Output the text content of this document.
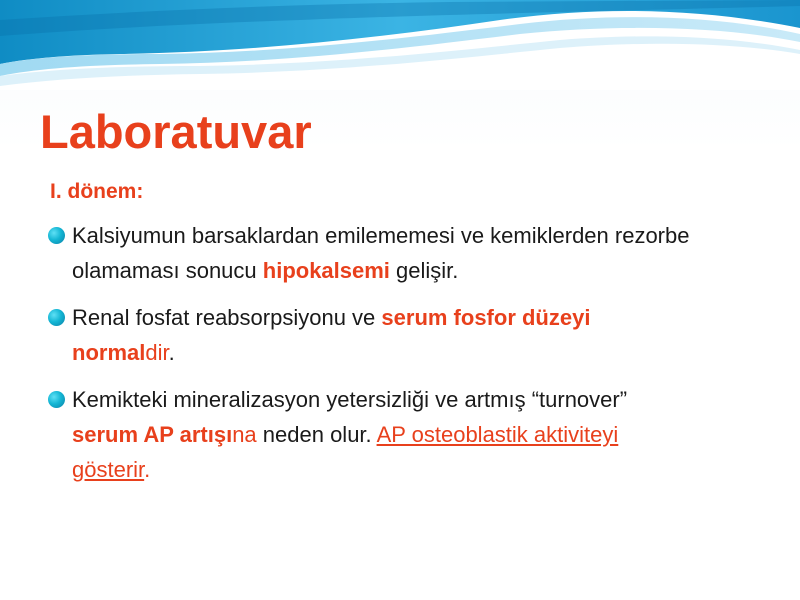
Laboratuvar
I. dönem:
Kalsiyumun barsaklardan emilememesi ve kemiklerden rezorbe
olamaması sonucu hipokalsemi gelişir.
Renal fosfat reabsorpsiyonu ve serum fosfor düzeyi
normaldir.
Kemikteki mineralizasyon yetersizliği ve artmış “turnover”
serum AP artışına neden olur. AP osteoblastik aktiviteyi
gösterir.
